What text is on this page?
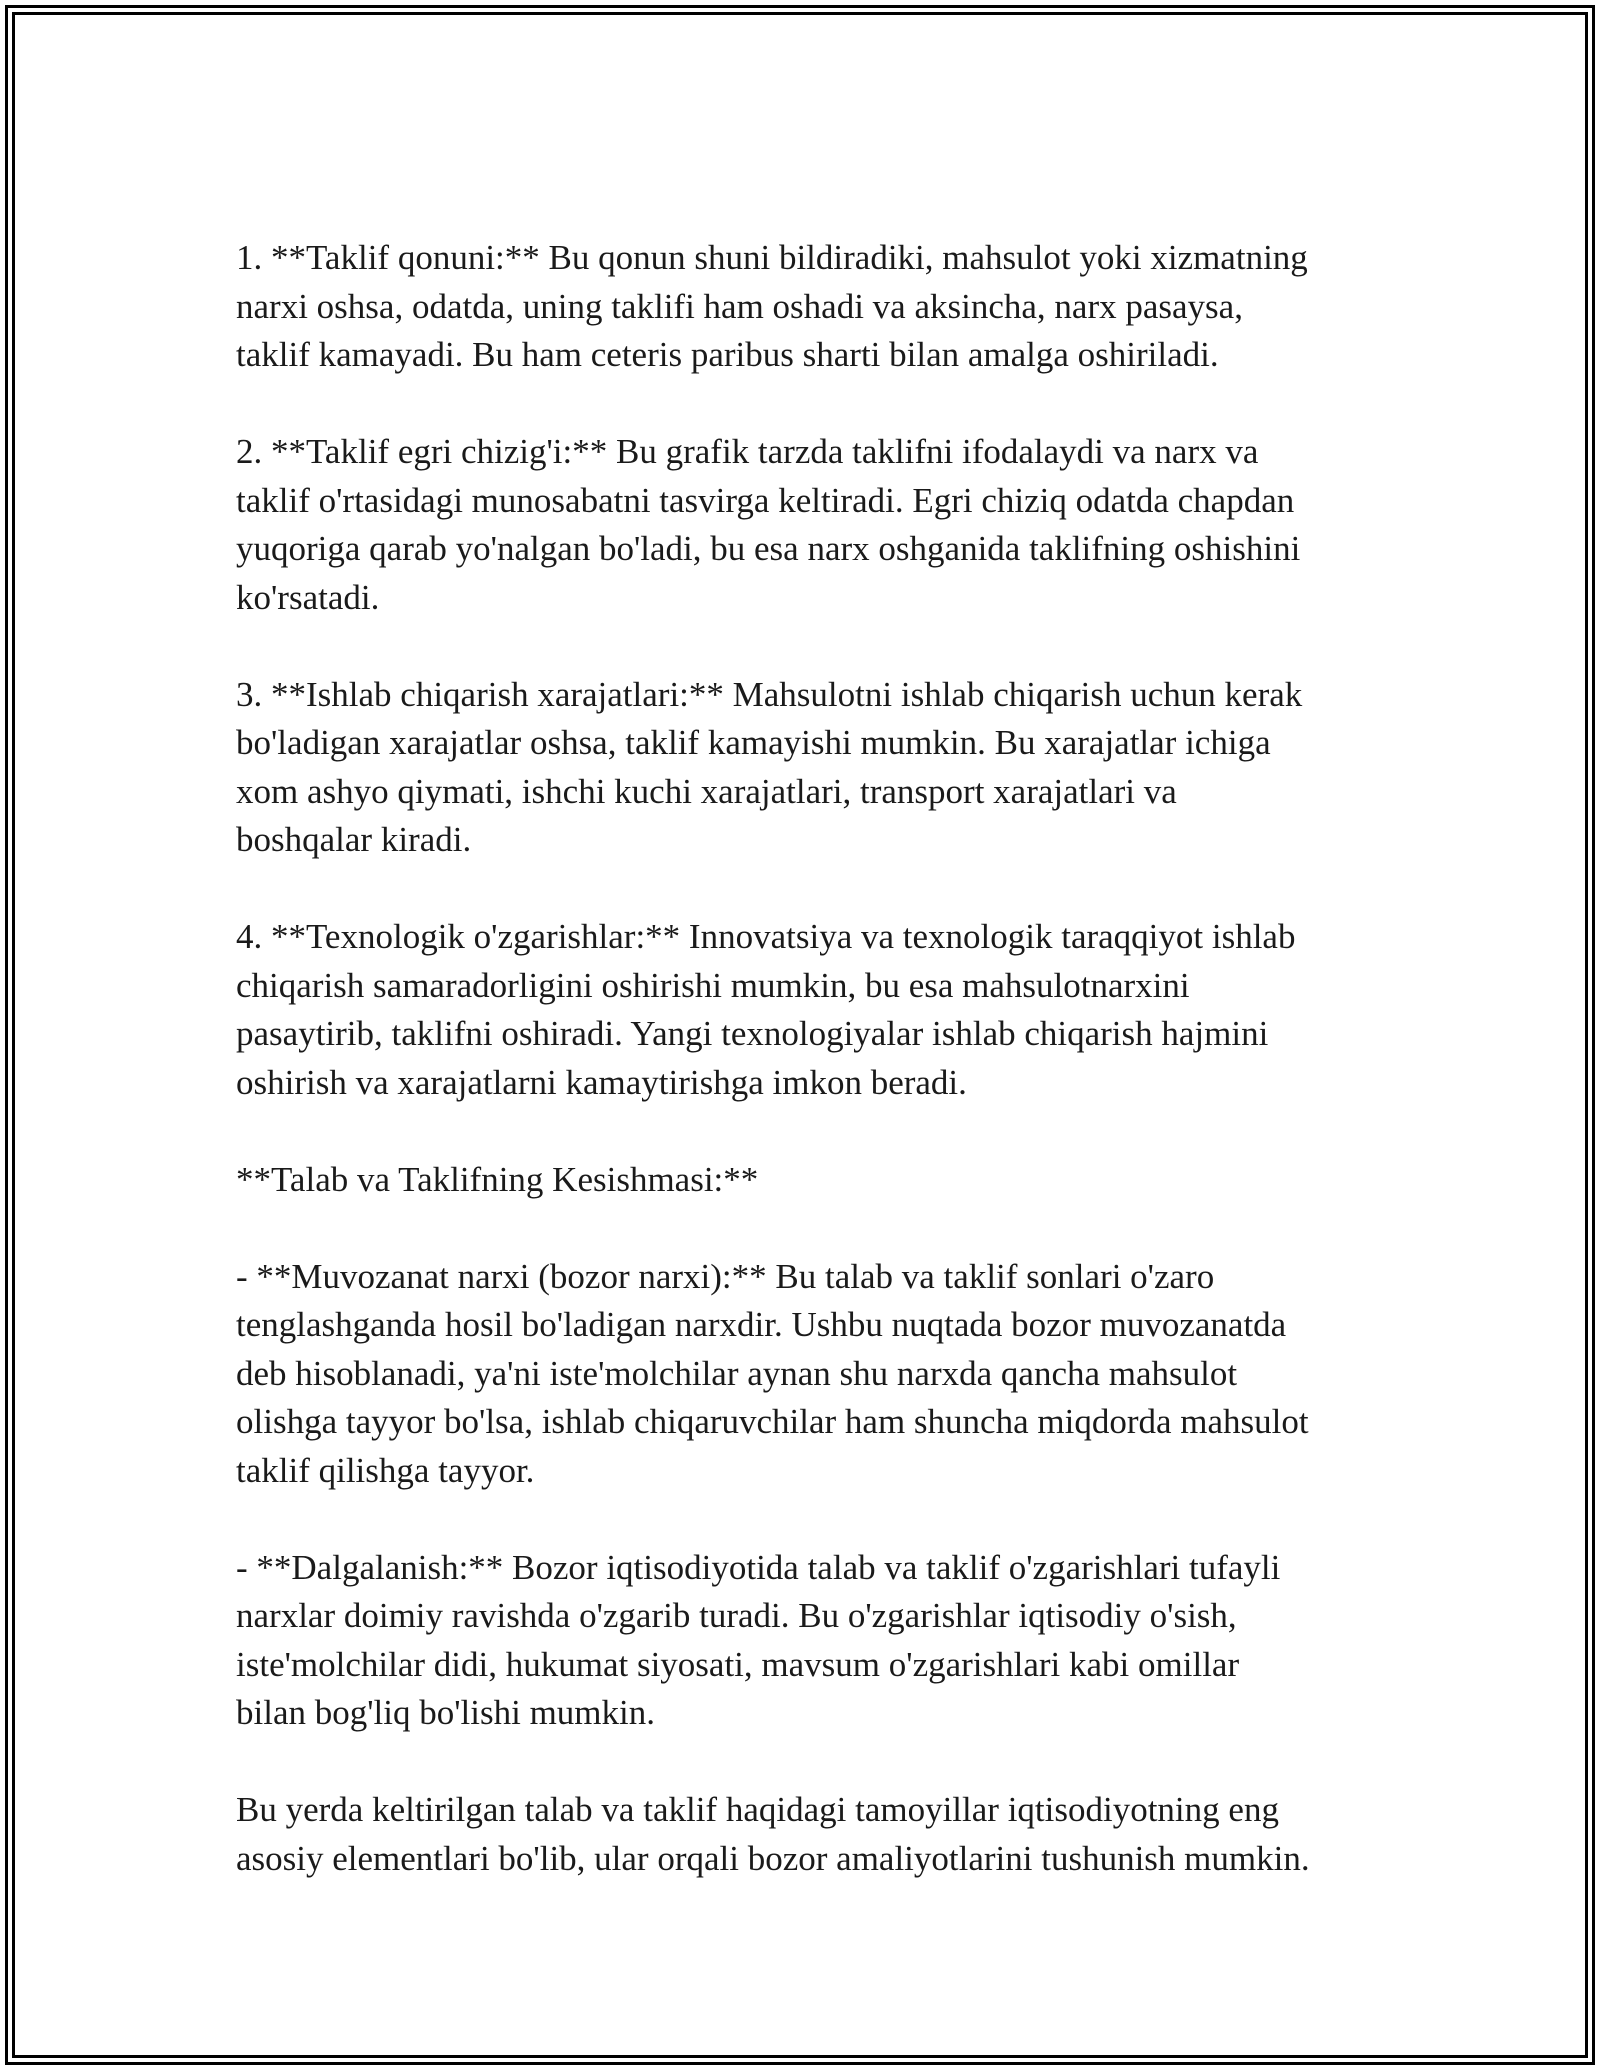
1. **Taklif qonuni:** Bu qonun shuni bildiradiki, mahsulot yoki xizmatning
narxi oshsa, odatda, uning taklifi ham oshadi va aksincha, narx pasaysa,
taklif kamayadi. Bu ham ceteris paribus sharti bilan amalga oshiriladi.

2. **Taklif egri chizig'i:** Bu grafik tarzda taklifni ifodalaydi va narx va
taklif o'rtasidagi munosabatni tasvirga keltiradi. Egri chiziq odatda chapdan
yuqoriga qarab yo'nalgan bo'ladi, bu esa narx oshganida taklifning oshishini
ko'rsatadi.

3. **Ishlab chiqarish xarajatlari:** Mahsulotni ishlab chiqarish uchun kerak
bo'ladigan xarajatlar oshsa, taklif kamayishi mumkin. Bu xarajatlar ichiga
xom ashyo qiymati, ishchi kuchi xarajatlari, transport xarajatlari va
boshqalar kiradi.

4. **Texnologik o'zgarishlar:** Innovatsiya va texnologik taraqqiyot ishlab
chiqarish samaradorligini oshirishi mumkin, bu esa mahsulotnarxini
pasaytirib, taklifni oshiradi. Yangi texnologiyalar ishlab chiqarish hajmini
oshirish va xarajatlarni kamaytirishga imkon beradi.

**Talab va Taklifning Kesishmasi:**

- **Muvozanat narxi (bozor narxi):** Bu talab va taklif sonlari o'zaro
tenglashganda hosil bo'ladigan narxdir. Ushbu nuqtada bozor muvozanatda
deb hisoblanadi, ya'ni iste'molchilar aynan shu narxda qancha mahsulot
olishga tayyor bo'lsa, ishlab chiqaruvchilar ham shuncha miqdorda mahsulot
taklif qilishga tayyor.

- **Dalgalanish:** Bozor iqtisodiyotida talab va taklif o'zgarishlari tufayli
narxlar doimiy ravishda o'zgarib turadi. Bu o'zgarishlar iqtisodiy o'sish,
iste'molchilar didi, hukumat siyosati, mavsum o'zgarishlari kabi omillar
bilan bog'liq bo'lishi mumkin.

Bu yerda keltirilgan talab va taklif haqidagi tamoyillar iqtisodiyotning eng
asosiy elementlari bo'lib, ular orqali bozor amaliyotlarini tushunish mumkin.
